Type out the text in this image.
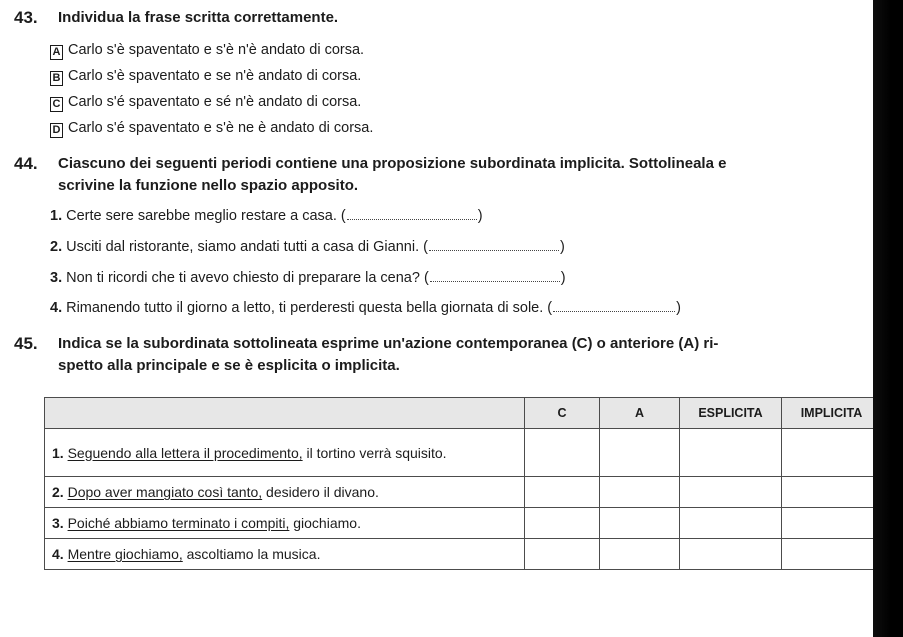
43. Individua la frase scritta correttamente.
A Carlo s'è spaventato e s'è n'è andato di corsa.
B Carlo s'è spaventato e se n'è andato di corsa.
C Carlo s'é spaventato e sé n'è andato di corsa.
D Carlo s'é spaventato e s'è ne è andato di corsa.
44. Ciascuno dei seguenti periodi contiene una proposizione subordinata implicita. Sottolineala e
scrivine la funzione nello spazio apposito.
1. Certe sere sarebbe meglio restare a casa. (	)
2. Usciti dal ristorante, siamo andati tutti a casa di Gianni. (	)
3. Non ti ricordi che ti avevo chiesto di preparare la cena? (	)
4. Rimanendo tutto il giorno a letto, ti perderesti questa bella giornata di sole. (	)
45. Indica se la subordinata sottolineata esprime un'azione contemporanea (C) o anteriore (A) ri-
spetto alla principale e se è esplicita o implicita.
	C	A	ESPLICITA	IMPLICITA
1. Seguendo alla lettera il procedimento, il tortino verrà squisito.				
2. Dopo aver mangiato così tanto, desidero il divano.				
3. Poiché abbiamo terminato i compiti, giochiamo.				
4. Mentre giochiamo, ascoltiamo la musica.				
